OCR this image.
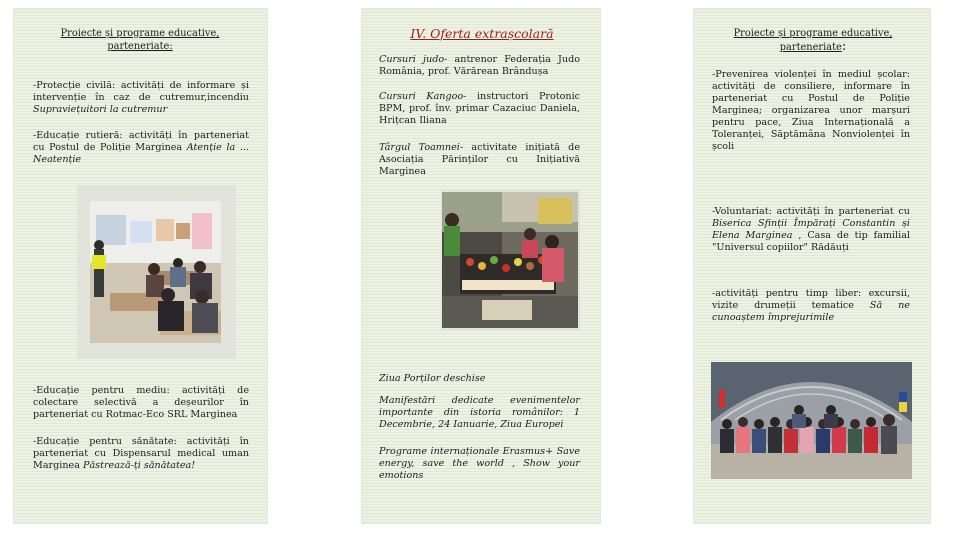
Proiecte și programe educative,
parteneriate:
-Protecție civilă: activități de informare și intervenție în caz de cutremur,incendiu Supraviețuitori la cutremur
-Educație rutieră: activități în parteneriat cu Postul de Poliție Marginea Atenție la ... Neatenție
-Educație pentru mediu: activități de colectare selectivă a deșeurilor în parteneriat cu Rotmac-Eco SRL Marginea
-Educație pentru sănătate: activități în parteneriat cu Dispensarul medical uman Marginea Păstrează-ți sănătatea!
IV. Oferta extrașcolară
Cursuri judo- antrenor Federația Judo România, prof. Vărărean Brândușa
Cursuri Kangoo- instructori Protonic BPM, prof. înv. primar Cazaciuc Daniela, Hrițcan Iliana
Târgul Toamnei- activitate inițiată de Asociația Părinților cu Inițiativă Marginea
Ziua Porților deschise
Manifestări dedicate evenimentelor importante din istoria românilor: 1 Decembrie, 24 Ianuarie, Ziua Europei
Programe internaționale Erasmus+ Save energy, save the world , Show your emotions
Proiecte și programe educative,
parteneriate:
-Prevenirea violenței în mediul școlar: activități de consiliere, informare în parteneriat cu Postul de Poliție Marginea; organizarea unor marșuri pentru pace, Ziua Internațională a Toleranței, Săptămâna Nonviolenței în școli
-Voluntariat: activități în parteneriat cu Biserica Sfinții Împărați Constantin și Elena Marginea , Casa de tip familial "Universul copiilor" Rădăuți
-activități pentru timp liber: excursii, vizite drumeții tematice Să ne cunoaștem împrejurimile
